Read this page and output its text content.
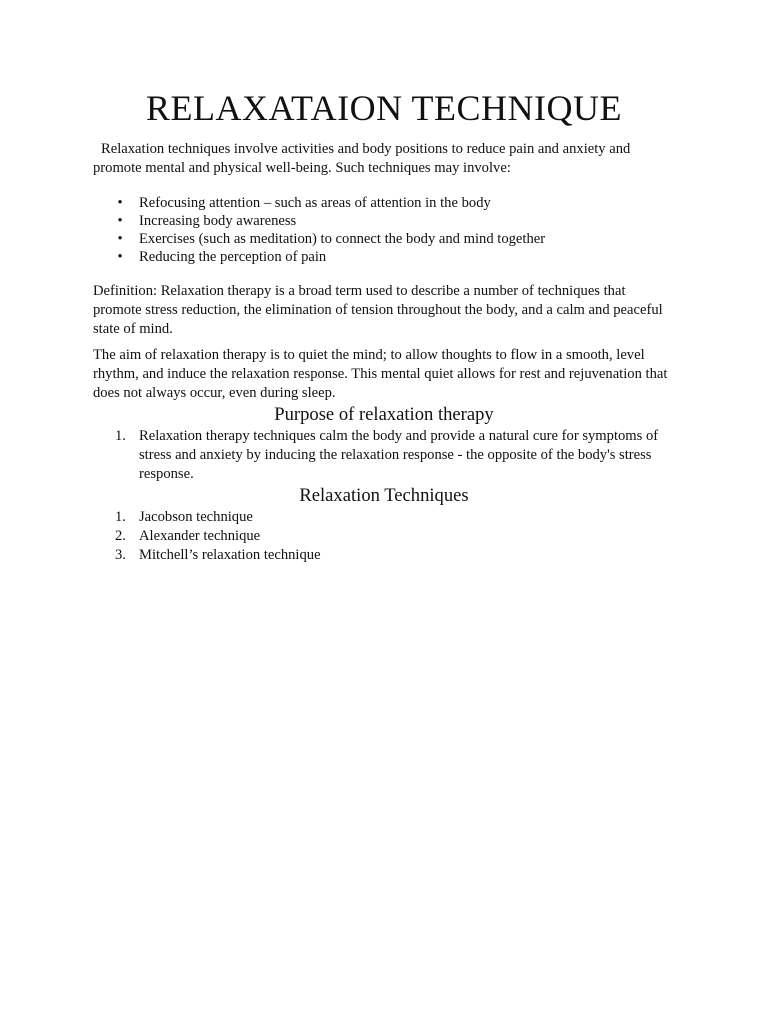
RELAXATAION TECHNIQUE

Relaxation techniques involve activities and body positions to reduce pain and anxiety and promote mental and physical well-being. Such techniques may involve:

• Refocusing attention – such as areas of attention in the body
• Increasing body awareness
• Exercises (such as meditation) to connect the body and mind together
• Reducing the perception of pain

Definition: Relaxation therapy is a broad term used to describe a number of techniques that promote stress reduction, the elimination of tension throughout the body, and a calm and peaceful state of mind.

The aim of relaxation therapy is to quiet the mind; to allow thoughts to flow in a smooth, level rhythm, and induce the relaxation response. This mental quiet allows for rest and rejuvenation that does not always occur, even during sleep.

Purpose of relaxation therapy
1. Relaxation therapy techniques calm the body and provide a natural cure for symptoms of stress and anxiety by inducing the relaxation response - the opposite of the body's stress response.
Relaxation Techniques
1. Jacobson technique
2. Alexander technique
3. Mitchell’s relaxation technique
